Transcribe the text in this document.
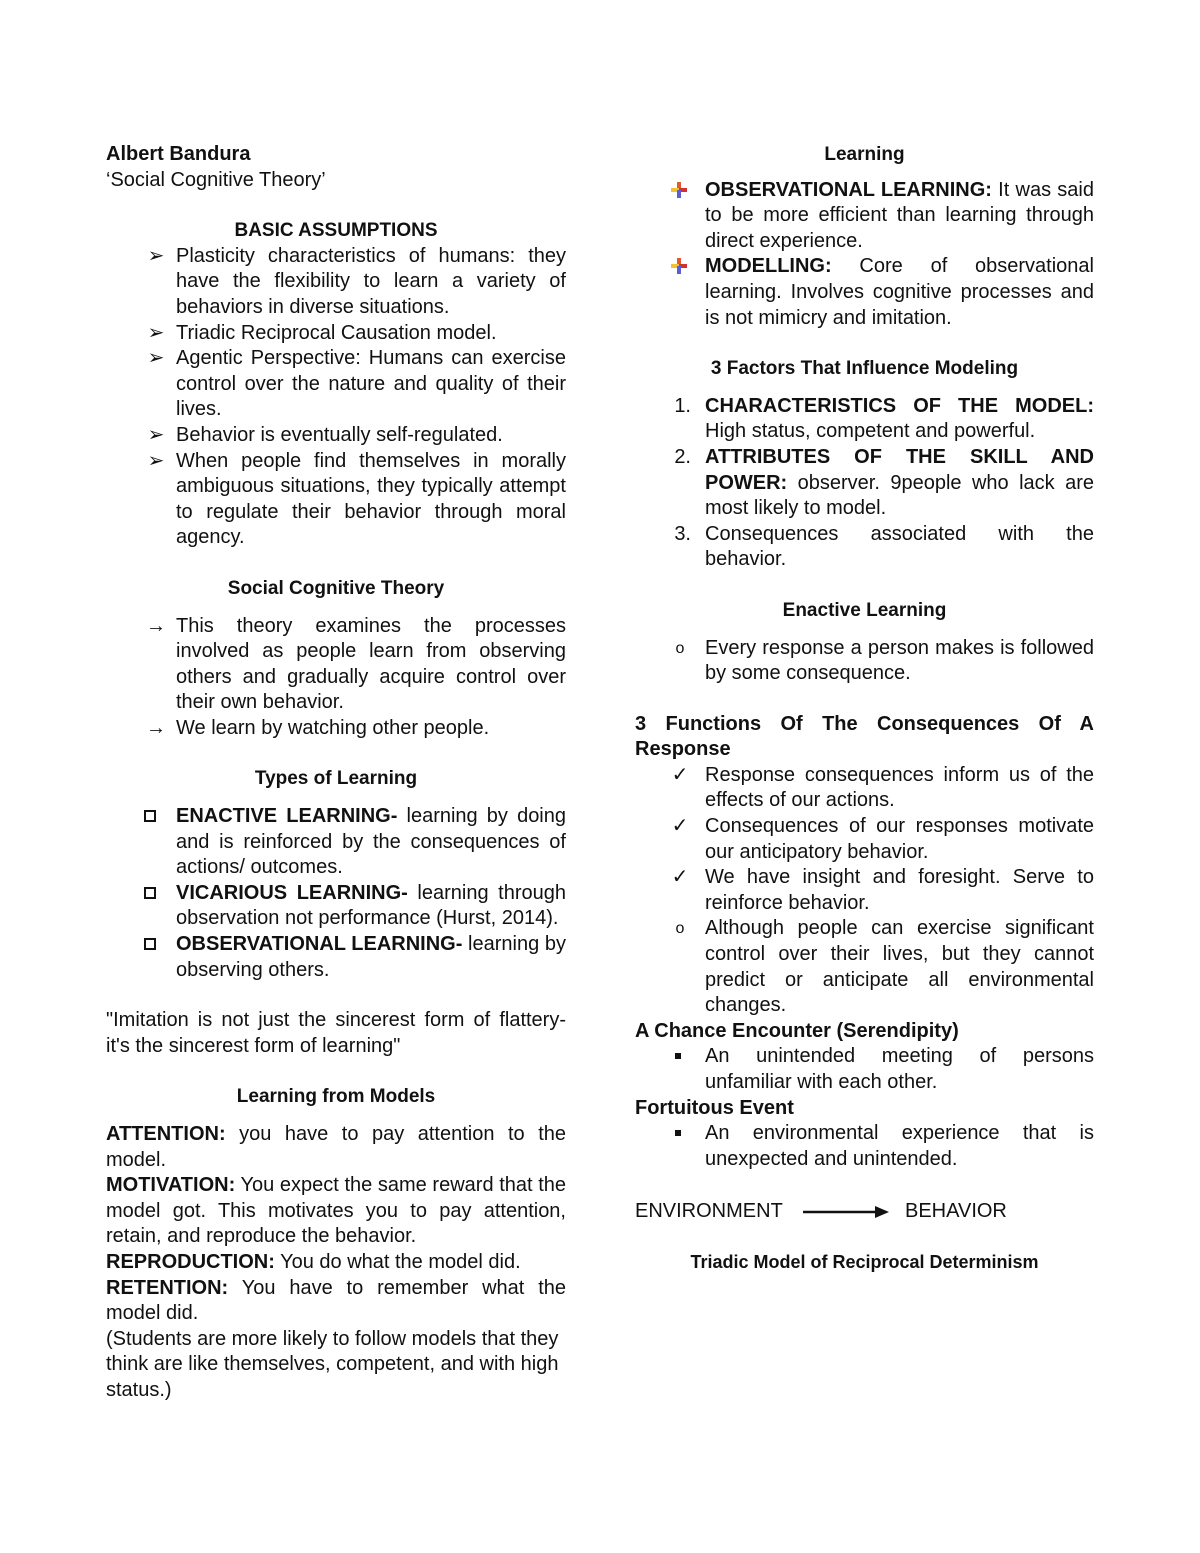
Albert Bandura
‘Social Cognitive Theory’
BASIC ASSUMPTIONS
➢ Plasticity characteristics of humans: they have the flexibility to learn a variety of behaviors in diverse situations.
➢ Triadic Reciprocal Causation model.
➢ Agentic Perspective: Humans can exercise control over the nature and quality of their lives.
➢ Behavior is eventually self-regulated.
➢ When people find themselves in morally ambiguous situations, they typically attempt to regulate their behavior through moral agency.
Social Cognitive Theory
→ This theory examines the processes involved as people learn from observing others and gradually acquire control over their own behavior.
→ We learn by watching other people.
Types of Learning
ENACTIVE LEARNING- learning by doing and is reinforced by the consequences of actions/ outcomes.
VICARIOUS LEARNING- learning through observation not performance (Hurst, 2014).
OBSERVATIONAL LEARNING- learning by observing others.
"Imitation is not just the sincerest form of flattery- it's the sincerest form of learning"
Learning from Models
ATTENTION: you have to pay attention to the model.
MOTIVATION: You expect the same reward that the model got. This motivates you to pay attention, retain, and reproduce the behavior.
REPRODUCTION: You do what the model did.
RETENTION: You have to remember what the model did.
(Students are more likely to follow models that they think are like themselves, competent, and with high status.)
Learning
OBSERVATIONAL LEARNING: It was said to be more efficient than learning through direct experience.
MODELLING: Core of observational learning. Involves cognitive processes and is not mimicry and imitation.
3 Factors That Influence Modeling
1. CHARACTERISTICS OF THE MODEL: High status, competent and powerful.
2. ATTRIBUTES OF THE SKILL AND POWER: observer. 9people who lack are most likely to model.
3. Consequences associated with the behavior.
Enactive Learning
o	Every response a person makes is followed by some consequence.
3 Functions Of The Consequences Of A Response
✓ Response consequences inform us of the effects of our actions.
✓ Consequences of our responses motivate our anticipatory behavior.
✓ We have insight and foresight. Serve to reinforce behavior.
o	Although people can exercise significant control over their lives, but they cannot predict or anticipate all environmental changes.
A Chance Encounter (Serendipity)
An unintended meeting of persons unfamiliar with each other.
Fortuitous Event
An environmental experience that is unexpected and unintended.
ENVIRONMENT	BEHAVIOR
Triadic Model of Reciprocal Determinism
